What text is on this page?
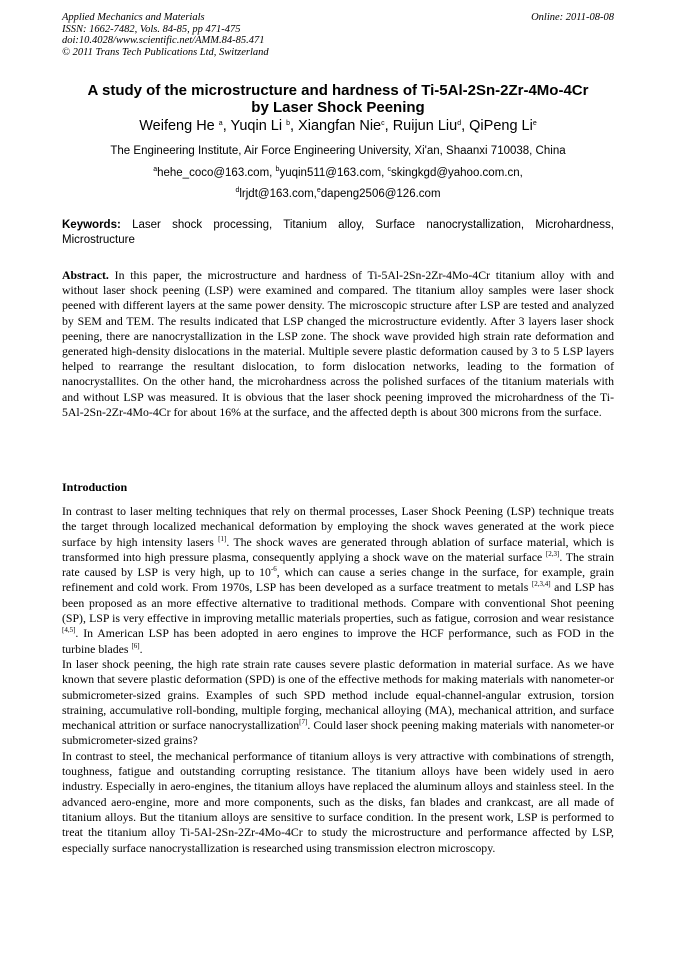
Applied Mechanics and Materials
ISSN: 1662-7482, Vols. 84-85, pp 471-475
doi:10.4028/www.scientific.net/AMM.84-85.471
© 2011 Trans Tech Publications Ltd, Switzerland
Online: 2011-08-08
A study of the microstructure and hardness of Ti-5Al-2Sn-2Zr-4Mo-4Cr
by Laser Shock Peening
Weifeng He $^a$, Yuqin Li $^b$, Xiangfan Nie$^c$, Ruijun Liu$^d$, QiPeng Li$^e$
The Engineering Institute, Air Force Engineering University, Xi'an, Shaanxi 710038, China
$^a$hehe_coco@163.com, $^b$yuqin511@163.com, $^c$skingkgd@yahoo.com.cn,
$^d$lrjdt@163.com,$^e$dapeng2506@126.com
Keywords: Laser shock processing, Titanium alloy, Surface nanocrystallization, Microhardness, Microstructure
Abstract. In this paper, the microstructure and hardness of Ti-5Al-2Sn-2Zr-4Mo-4Cr titanium alloy with and without laser shock peening (LSP) were examined and compared. The titanium alloy samples were laser shock peened with different layers at the same power density. The microscopic structure after LSP are tested and analyzed by SEM and TEM. The results indicated that LSP changed the microstructure evidently. After 3 layers laser shock peening, there are nanocrystallization in the LSP zone. The shock wave provided high strain rate deformation and generated high-density dislocations in the material. Multiple severe plastic deformation caused by 3 to 5 LSP layers helped to rearrange the resultant dislocation, to form dislocation networks, leading to the formation of nanocrystallites. On the other hand, the microhardness across the polished surfaces of the titanium materials with and without LSP was measured. It is obvious that the laser shock peening improved the microhardness of the Ti-5Al-2Sn-2Zr-4Mo-4Cr for about 16% at the surface, and the affected depth is about 300 microns from the surface.
Introduction

In contrast to laser melting techniques that rely on thermal processes, Laser Shock Peening (LSP) technique treats the target through localized mechanical deformation by employing the shock waves generated at the work piece surface by high intensity lasers [1]. The shock waves are generated through ablation of surface material, which is transformed into high pressure plasma, consequently applying a shock wave on the material surface [2,3]. The strain rate caused by LSP is very high, up to $10^{-6}$, which can cause a series change in the surface, for example, grain refinement and cold work. From 1970s, LSP has been developed as a surface treatment to metals [2,3,4] and LSP has been proposed as an more effective alternative to traditional methods. Compare with conventional Shot peening (SP), LSP is very effective in improving metallic materials properties, such as fatigue, corrosion and wear resistance [4,5]. In American LSP has been adopted in aero engines to improve the HCF performance, such as FOD in the turbine blades [6].

In laser shock peening, the high rate strain rate causes severe plastic deformation in material surface. As we have known that severe plastic deformation (SPD) is one of the effective methods for making materials with nanometer-or submicrometer-sized grains. Examples of such SPD method include equal-channel-angular extrusion, torsion straining, accumulative roll-bonding, multiple forging, mechanical alloying (MA), mechanical attrition, and surface mechanical attrition or surface nanocrystallization[7]. Could laser shock peening making materials with nanometer-or submicrometer-sized grains?

In contrast to steel, the mechanical performance of titanium alloys is very attractive with combinations of strength, toughness, fatigue and outstanding corrupting resistance. The titanium alloys have been widely used in aero industry. Especially in aero-engines, the titanium alloys have replaced the aluminum alloys and stainless steel. In the advanced aero-engine, more and more components, such as the disks, fan blades and crankcast, are all made of titanium alloys. But the titanium alloys are sensitive to surface condition. In the present work, LSP is performed to treat the titanium alloy Ti-5Al-2Sn-2Zr-4Mo-4Cr to study the microstructure and performance affected by LSP, especially surface nanocrystallization is researched using transmission electron microscopy.
